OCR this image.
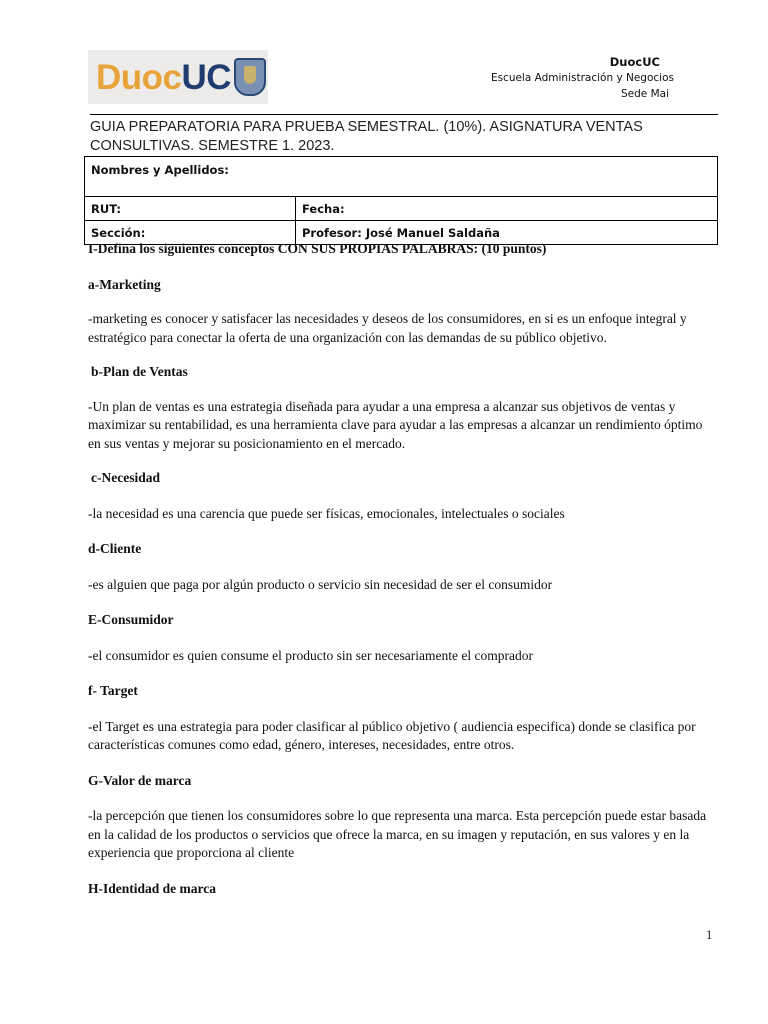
DuocUC	DuocUC
Escuela Administración y Negocios
Sede Mai
GUIA PREPARATORIA PARA PRUEBA SEMESTRAL. (10%). ASIGNATURA VENTAS CONSULTIVAS. SEMESTRE 1. 2023.
Nombres y Apellidos:	
RUT:	Fecha:
Sección:	Profesor: José Manuel Saldaña

I-Defina los siguientes conceptos CON SUS PROPIAS PALABRAS: (10 puntos)

a-Marketing

-marketing es conocer y satisfacer las necesidades y deseos de los consumidores, en si es un enfoque integral y estratégico para conectar la oferta de una organización con las demandas de su público objetivo.

b-Plan de Ventas

-Un plan de ventas es una estrategia diseñada para ayudar a una empresa a alcanzar sus objetivos de ventas y maximizar su rentabilidad, es una herramienta clave para ayudar a las empresas a alcanzar un rendimiento óptimo en sus ventas y mejorar su posicionamiento en el mercado.

c-Necesidad

-la necesidad es una carencia que puede ser físicas, emocionales, intelectuales o sociales

d-Cliente

-es alguien que paga por algún producto o servicio sin necesidad de ser el consumidor

E-Consumidor

-el consumidor es quien consume el producto sin ser necesariamente el comprador

f- Target

-el Target es una estrategia para poder clasificar al público objetivo ( audiencia especifica) donde se clasifica por características comunes como edad, género, intereses, necesidades, entre otros.

G-Valor de marca

-la percepción que tienen los consumidores sobre lo que representa una marca. Esta percepción puede estar basada en la calidad de los productos o servicios que ofrece la marca, en su imagen y reputación, en sus valores y en la experiencia que proporciona al cliente

H-Identidad de marca

1
